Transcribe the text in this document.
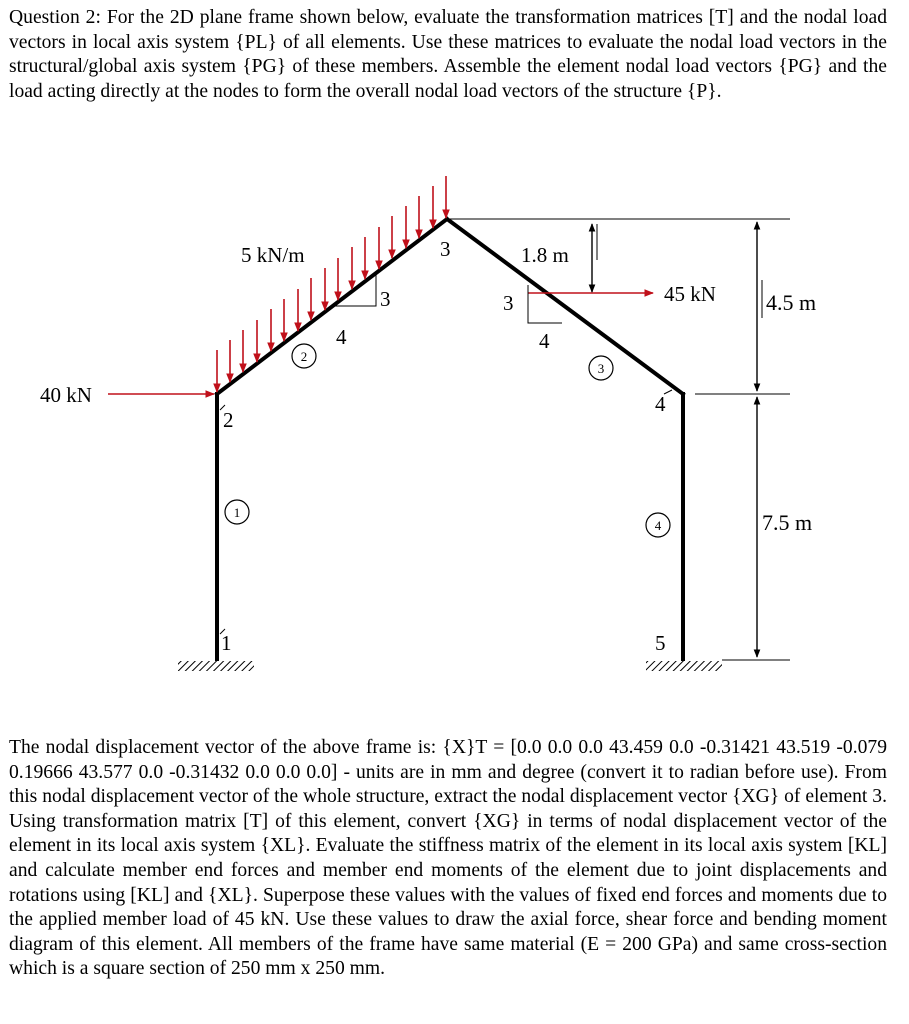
Question 2: For the 2D plane frame shown below, evaluate the transformation matrices [T] and the nodal load vectors in local axis system {PL} of all elements. Use these matrices to evaluate the nodal load vectors in the structural/global axis system {PG} of these members. Assemble the element nodal load vectors {PG} and the load acting directly at the nodes to form the overall nodal load vectors of the structure {P}.

40 kN
45 kN
5 kN/m
3
4
3
4
1.8 m
4.5 m
7.5 m
1
2
3
4
5
1
2
3
4

The nodal displacement vector of the above frame is: {X}T = [0.0 0.0 0.0 43.459 0.0 -0.31421 43.519 -0.079 0.19666 43.577 0.0 -0.31432 0.0 0.0 0.0] - units are in mm and degree (convert it to radian before use). From this nodal displacement vector of the whole structure, extract the nodal displacement vector {XG} of element 3. Using transformation matrix [T] of this element, convert {XG} in terms of nodal displacement vector of the element in its local axis system {XL}. Evaluate the stiffness matrix of the element in its local axis system [KL] and calculate member end forces and member end moments of the element due to joint displacements and rotations using [KL] and {XL}. Superpose these values with the values of fixed end forces and moments due to the applied member load of 45 kN. Use these values to draw the axial force, shear force and bending moment diagram of this element. All members of the frame have same material (E = 200 GPa) and same cross-section which is a square section of 250 mm x 250 mm.
